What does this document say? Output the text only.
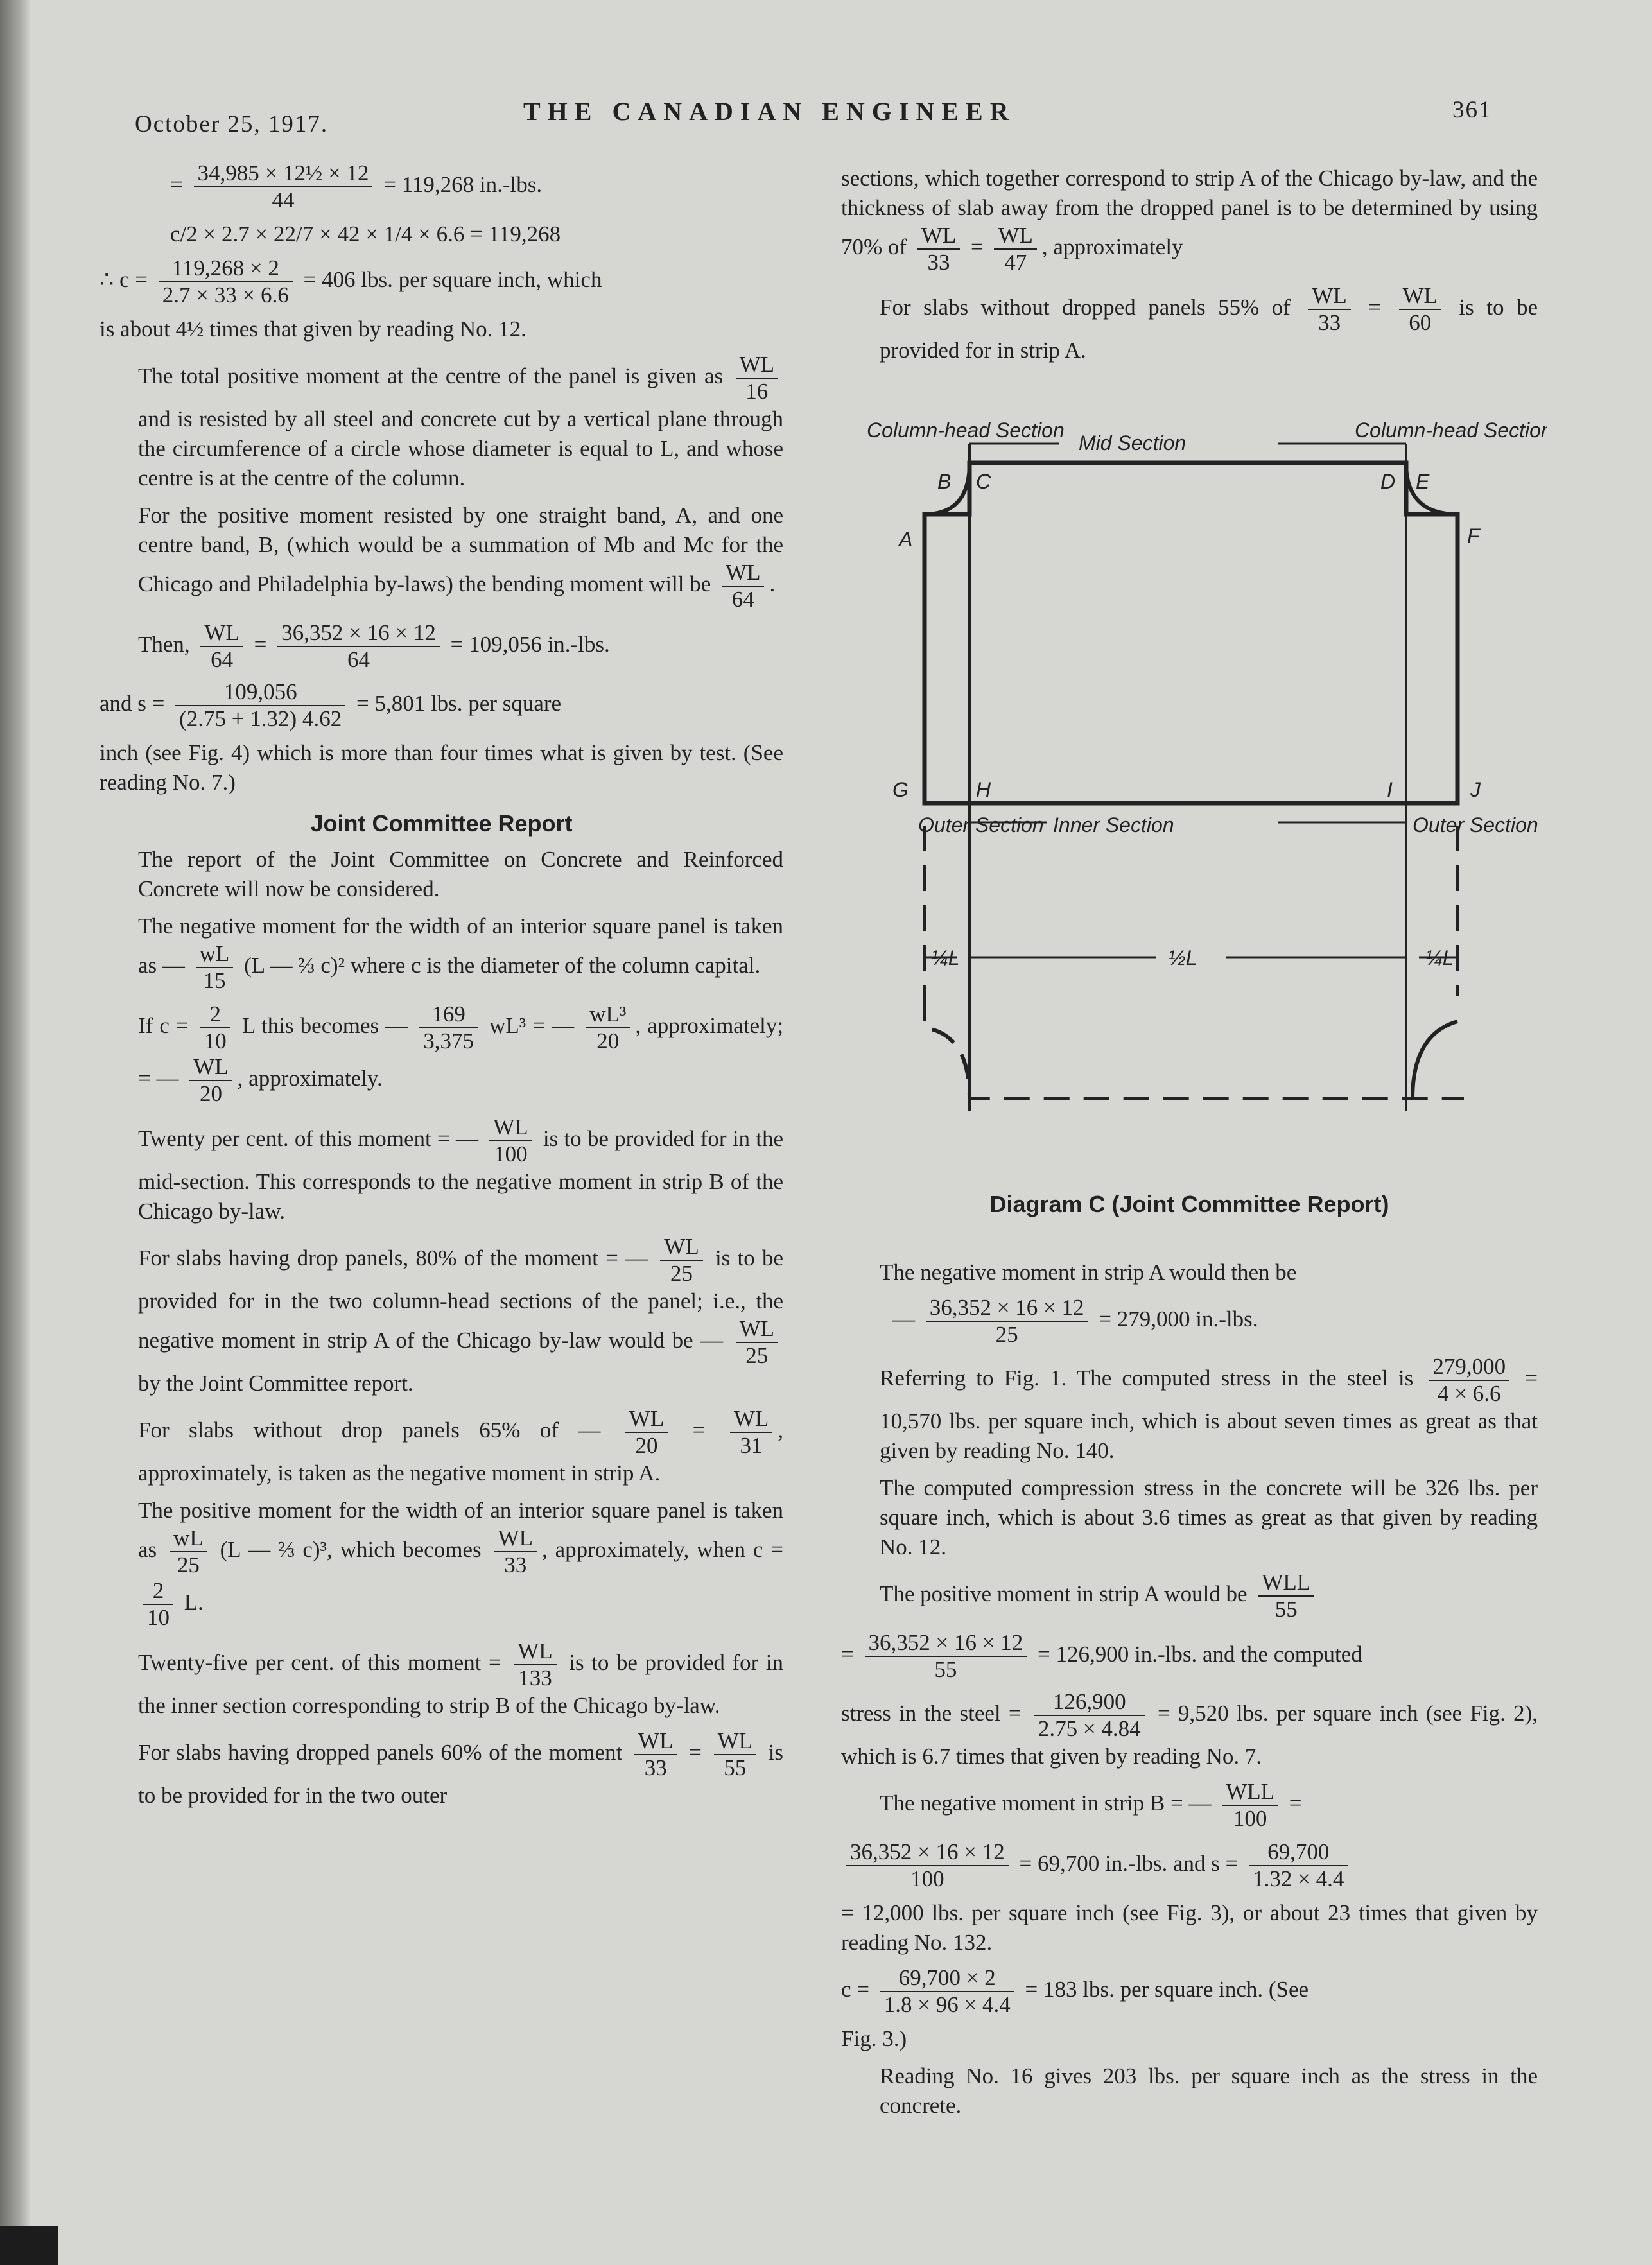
October 25, 1917.	THE CANADIAN ENGINEER	361
= $\frac{\text{34,985 × 12½ × 12}}{44} = 119,268$ in.-lbs.
c/2 × 2.7 × 22/7 × 42 × 1/4 × 6.6 = 119,268
∴ $c = \frac{119,268 \times 2}{2.7 \times 33 \times 6.6} = 406$ lbs. per square inch, which

is about 4½ times that given by reading No. 12.

The total positive moment at the centre of the panel is given as $\frac{WL}{16}$
and is resisted by all steel and concrete cut by a vertical plane through the circumference of a circle whose diameter is equal to L, and whose centre is at the centre of the column.

For the positive moment resisted by one straight band, A, and one centre band, B, (which would be a summation of Mb and Mc for the Chicago and Philadelphia by-laws) the bending moment will be $\frac{WL}{64}$ .

Then, $\frac{WL}{64} = \frac{36,352 \times 16 \times 12}{64} = 109,056$ in.-lbs.
and $s = \frac{109,056}{(2.75 + 1.32) 4.62} = 5,801$ lbs. per square

inch (see Fig. 4) which is more than four times what is given by test. (See reading No. 7.)

Joint Committee Report

The report of the Joint Committee on Concrete and Reinforced Concrete will now be considered.

The negative moment for the width of an interior square panel is taken as — $\frac{wL}{15} (L$ — ⅔ c)² where c is the diameter of the column capital.

If $c = \frac{2}{10}$ L this becomes — $\frac{169}{3,375} wL^3$ = — $\frac{\text{wL³}}{20}$ , approximately; = — $\frac{WL}{20}$ , approximately.

Twenty per cent. of this moment = — $\frac{WL}{100}$ is to be provided for in the mid-section. This corresponds to the negative moment in strip B of the Chicago by-law.

For slabs having drop panels, 80% of the moment = — $\frac{WL}{25}$ is to be provided for in the two column-head sections of the panel; i.e., the negative moment in strip A of the Chicago by-law would be — $\frac{WL}{25}$
by the Joint Committee report.

For slabs without drop panels 65% of — $\frac{WL}{20} = \frac{WL}{31}$ , approximately, is taken as the negative moment in strip A.

The positive moment for the width of an interior square panel is taken as $\frac{wL}{25} (L$ — ⅔ c)³, which becomes $\frac{WL}{33}$ , approximately, when c =
$\frac{2}{10} L$.

Twenty-five per cent. of this moment = $\frac{WL}{133}$ is to be provided for in the inner section corresponding to strip B of the Chicago by-law.

For slabs having dropped panels 60% of the moment $\frac{WL}{33} = \frac{WL}{55}$ is to be provided for in the two outer

sections, which together correspond to strip A of the Chicago by-law, and the thickness of slab away from the dropped panel is to be determined by using 70% of $\frac{WL}{33} = \frac{WL}{47}$ , approximately

For slabs without dropped panels 55% of $\frac{WL}{33} = \frac{WL}{60}$ is to be provided for in strip A.

Column-head Section
Mid Section
Column-head Section
Outer Section Inner Section	Outer Section
¼L	½L	¼L
A
B C	D E
F
G	H	I	J
Diagram C (Joint Committee Report)

The negative moment in strip A would then be

— $\frac{36,352 \times 16 \times 12}{25} = 279,000$ in.-lbs.

Referring to Fig. 1. The computed stress in the steel is $\frac{279,000}{4 \times 6.6} = 10,570$ lbs. per square inch, which is about seven times as great as that given by reading No. 140.

The computed compression stress in the concrete will be 326 lbs. per square inch, which is about 3.6 times as great as that given by reading No. 12.

The positive moment in strip A would be $\frac{\text{WLL}}{55}$

= $\frac{36,352 \times 16 \times 12}{55} = 126,900$ in.-lbs. and the computed

stress in the steel = $\frac{126,900}{2.75 \times 4.84} = 9,520$ lbs. per square inch (see Fig. 2), which is 6.7 times that given by reading No. 7.

The negative moment in strip B = — $\frac{\text{WLL}}{100}$ =

$\frac{36,352 \times 16 \times 12}{100} = 69,700$ in.-lbs. and $s = \frac{69,700}{1.32 \times 4.4}$

= 12,000 lbs. per square inch (see Fig. 3), or about 23 times that given by reading No. 132.

$c = \frac{69,700 \times 2}{1.8 \times 96 \times 4.4} = 183$ lbs. per square inch. (See

Fig. 3.)

Reading No. 16 gives 203 lbs. per square inch as the stress in the concrete.
